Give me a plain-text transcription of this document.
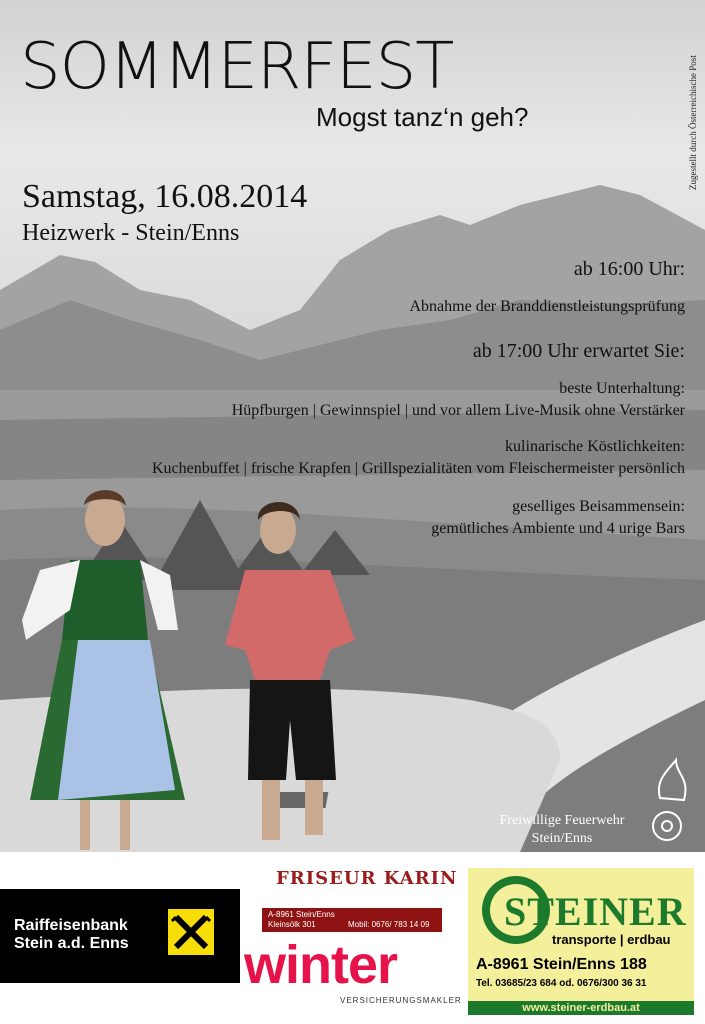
SOMMERFEST
Mogst tanz‘n geh?
Samstag, 16.08.2014
Heizwerk - Stein/Enns
Zugestellt durch Österreichische Post
ab 16:00 Uhr:
Abnahme der Branddienstleistungsprüfung
ab 17:00 Uhr erwartet Sie:
beste Unterhaltung:
Hüpfburgen | Gewinnspiel | und vor allem Live-Musik ohne Verstärker
kulinarische Köstlichkeiten:
Kuchenbuffet | frische Krapfen | Grillspezialitäten vom Fleischermeister persönlich
geselliges Beisammensein:
gemütliches Ambiente und 4 urige Bars
Freiwillige Feuerwehr
Stein/Enns
Raiffeisenbank
Stein a.d. Enns
FRISEUR KARIN
A-8961 Stein/Enns
Kleinsölk 301	Mobil: 0676/ 783 14 09
winter
VERSICHERUNGSMAKLER
STEINER
transporte | erdbau
A-8961 Stein/Enns 188
Tel. 03685/23 684 od. 0676/300 36 31
www.steiner-erdbau.at
